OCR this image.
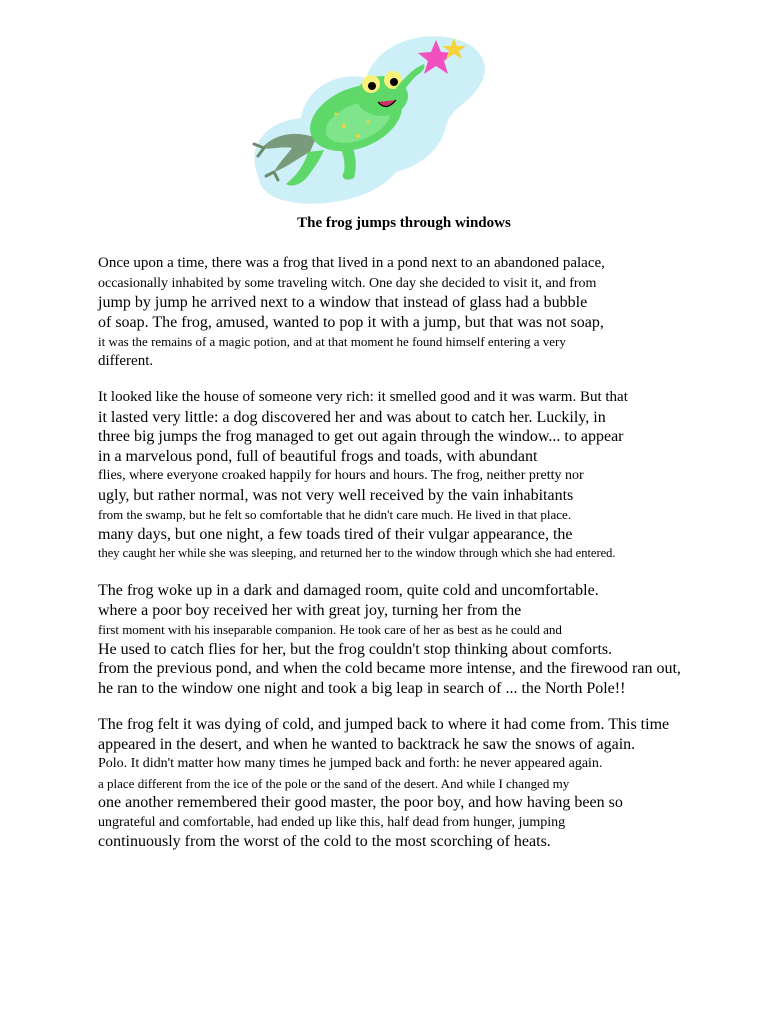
The frog jumps through windows
Once upon a time, there was a frog that lived in a pond next to an abandoned palace,
occasionally inhabited by some traveling witch. One day she decided to visit it, and from
jump by jump he arrived next to a window that instead of glass had a bubble
of soap. The frog, amused, wanted to pop it with a jump, but that was not soap,
it was the remains of a magic potion, and at that moment he found himself entering a very
different.
It looked like the house of someone very rich: it smelled good and it was warm. But that
it lasted very little: a dog discovered her and was about to catch her. Luckily, in
three big jumps the frog managed to get out again through the window... to appear
in a marvelous pond, full of beautiful frogs and toads, with abundant
flies, where everyone croaked happily for hours and hours. The frog, neither pretty nor
ugly, but rather normal, was not very well received by the vain inhabitants
from the swamp, but he felt so comfortable that he didn't care much. He lived in that place.
many days, but one night, a few toads tired of their vulgar appearance, the
they caught her while she was sleeping, and returned her to the window through which she had entered.
The frog woke up in a dark and damaged room, quite cold and uncomfortable.
where a poor boy received her with great joy, turning her from the
first moment with his inseparable companion. He took care of her as best as he could and
He used to catch flies for her, but the frog couldn't stop thinking about comforts.
from the previous pond, and when the cold became more intense, and the firewood ran out,
he ran to the window one night and took a big leap in search of ... the North Pole!!
The frog felt it was dying of cold, and jumped back to where it had come from. This time
appeared in the desert, and when he wanted to backtrack he saw the snows of again.
Polo. It didn't matter how many times he jumped back and forth: he never appeared again.
a place different from the ice of the pole or the sand of the desert. And while I changed my
one another remembered their good master, the poor boy, and how having been so
ungrateful and comfortable, had ended up like this, half dead from hunger, jumping
continuously from the worst of the cold to the most scorching of heats.
